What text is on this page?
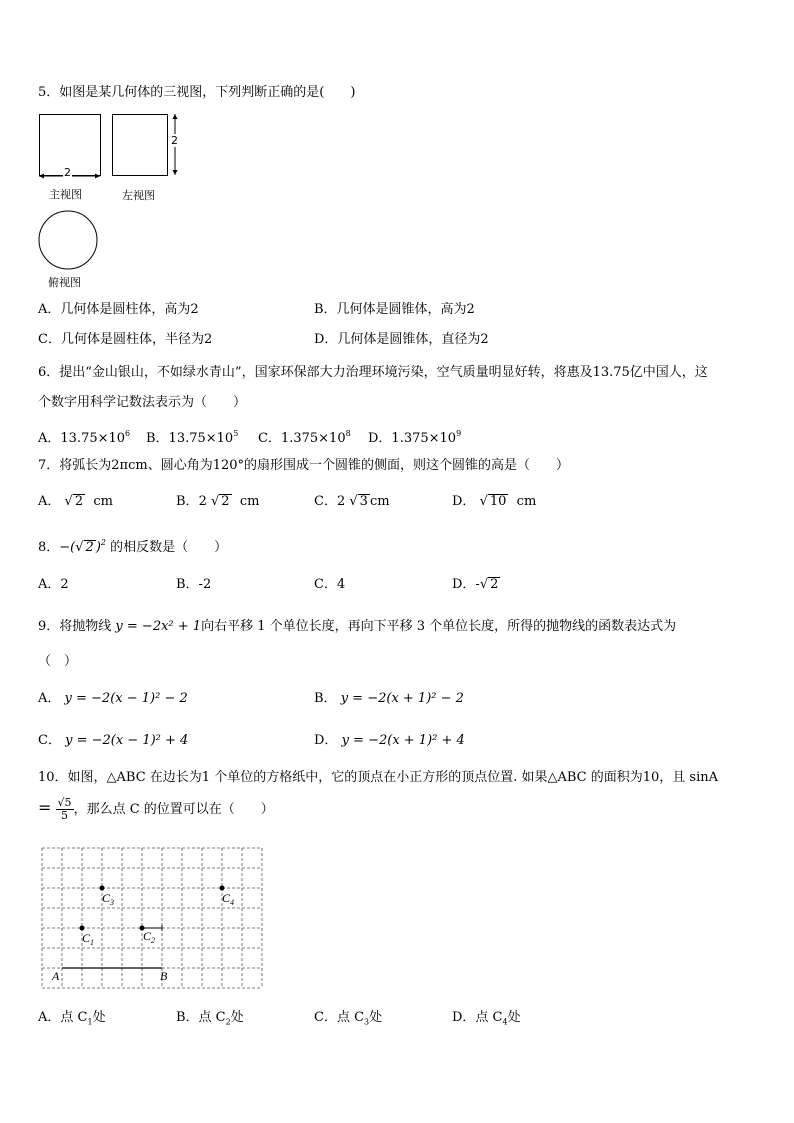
5．如图是某几何体的三视图，下列判断正确的是(　　)
2
主视图
2
左视图
俯视图
A．几何体是圆柱体，高为2	B．几何体是圆锥体，高为2
C．几何体是圆柱体，半径为2	D．几何体是圆锥体，直径为2
6．提出“金山银山，不如绿水青山”，国家环保部大力治理环境污染，空气质量明显好转，将惠及13.75亿中国人，这
个数字用科学记数法表示为（　　）
A．$13.75\times 10^6$ B．$13.75\times 10^5$ C．$1.375\times 10^8$ D．$1.375\times 10^9$
7．将弧长为2πcm、圆心角为120°的扇形围成一个圆锥的侧面，则这个圆锥的高是（　　）
A． √ 2 cm	B．2 √ 2 cm	C．2 √ 3 cm	D． √ 10 cm
8．−(√ 2 )$^2$ 的相反数是（　　）
A．2	B．-2	C．4	D．-√ 2
9．将抛物线 y = −2x² + 1向右平移 1 个单位长度，再向下平移 3 个单位长度，所得的抛物线的函数表达式为
（　）
A． y = −2(x − 1)² − 2	B． y = −2(x + 1)² − 2
C． y = −2(x − 1)² + 4	D． y = −2(x + 1)² + 4
10．如图，△ABC 在边长为1 个单位的方格纸中，它的顶点在小正方形的顶点位置. 如果△ABC 的面积为10，且 sinA
= $\frac{√5}{5}$ ，那么点 C 的位置可以在（　　）
$C_3$	$C_4$
$C_1$	$C_2$
A	B
A．点 $C_1$处	B．点 $C_2$处	C．点 $C_3$处	D．点 $C_4$处
